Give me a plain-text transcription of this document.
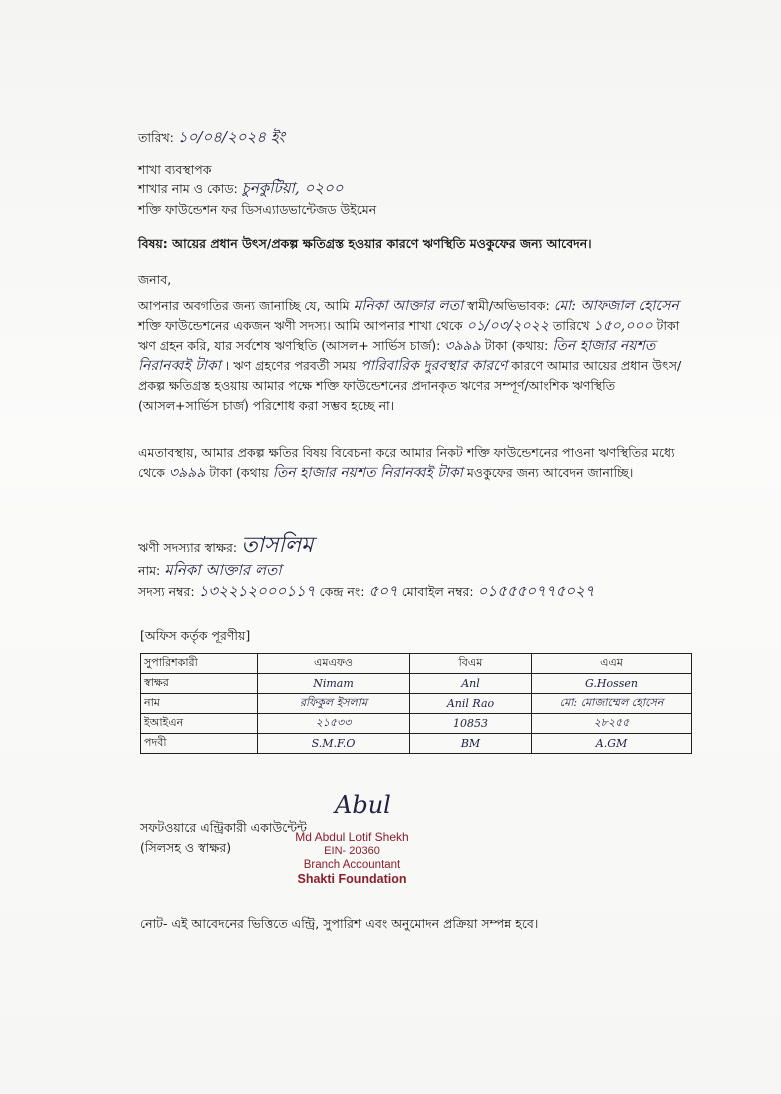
তারিখ: ১০/০৪/২০২৪ ইং
শাখা ব্যবস্থাপক
শাখার নাম ও কোড: চুনকুটিয়া, ০২০০
শক্তি ফাউন্ডেশন ফর ডিসএ্যাডভান্টেজড উইমেন
বিষয়: আয়ের প্রধান উৎস/প্রকল্প ক্ষতিগ্রস্ত হওয়ার কারণে ঋণস্থিতি মওকুফের জন্য আবেদন।
জনাব,
আপনার অবগতির জন্য জানাচ্ছি যে, আমি মনিকা আক্তার লতা স্বামী/অভিভাবক: মো: আফজাল হোসেন শক্তি ফাউন্ডেশনের একজন ঋণী সদস্য। আমি আপনার শাখা থেকে ০১/০৩/২০২২ তারিখে ১৫০,০০০ টাকা ঋণ গ্রহন করি, যার সর্বশেষ ঋণস্থিতি (আসল+ সার্ভিস চার্জ): ৩৯৯৯ টাকা (কথায়: তিন হাজার নয়শত নিরানব্বই টাকা । ঋণ গ্রহণের পরবর্তী সময় পারিবারিক দুরবস্থার কারণে কারণে আমার আয়ের প্রধান উৎস/প্রকল্প ক্ষতিগ্রস্ত হওয়ায় আমার পক্ষে শক্তি ফাউন্ডেশনের প্রদানকৃত ঋণের সম্পূর্ণ/আংশিক ঋণস্থিতি (আসল+সার্ভিস চার্জ) পরিশোধ করা সম্ভব হচ্ছে না।
এমতাবস্থায়, আমার প্রকল্প ক্ষতির বিষয় বিবেচনা করে আমার নিকট শক্তি ফাউন্ডেশনের পাওনা ঋণস্থিতির মধ্যে থেকে ৩৯৯৯ টাকা (কথায় তিন হাজার নয়শত নিরানব্বই টাকা মওকুফের জন্য আবেদন জানাচ্ছি।
ঋণী সদস্যার স্বাক্ষর: তাসলিম
নাম: মনিকা আক্তার লতা
সদস্য নম্বর: ১৩২২১২০০০১১৭ কেন্দ্র নং: ৫০৭ মোবাইল নম্বর: ০১৫৫৫০৭৭৫০২৭
[অফিস কর্তৃক পূরণীয়]
সুপারিশকারী	এমএফও	বিএম	এএম
স্বাক্ষর	Nimam	Anl	G.Hossen
নাম	রফিকুল ইসলাম	Anil Rao	মো: মোজাম্মেল হোসেন
ইআইএন	২১৫৩৩	10853	২৮২৫৫
পদবী	S.M.F.O	BM	A.GM
সফটওয়ারে এন্ট্রিকারী একাউন্টেন্ট
(সিলসহ ও স্বাক্ষর)
Abul
Md Abdul Lotif Shekh
EIN- 20360
Branch Accountant
Shakti Foundation
নোট- এই আবেদনের ভিত্তিতে এন্ট্রি, সুপারিশ এবং অনুমোদন প্রক্রিয়া সম্পন্ন হবে।
